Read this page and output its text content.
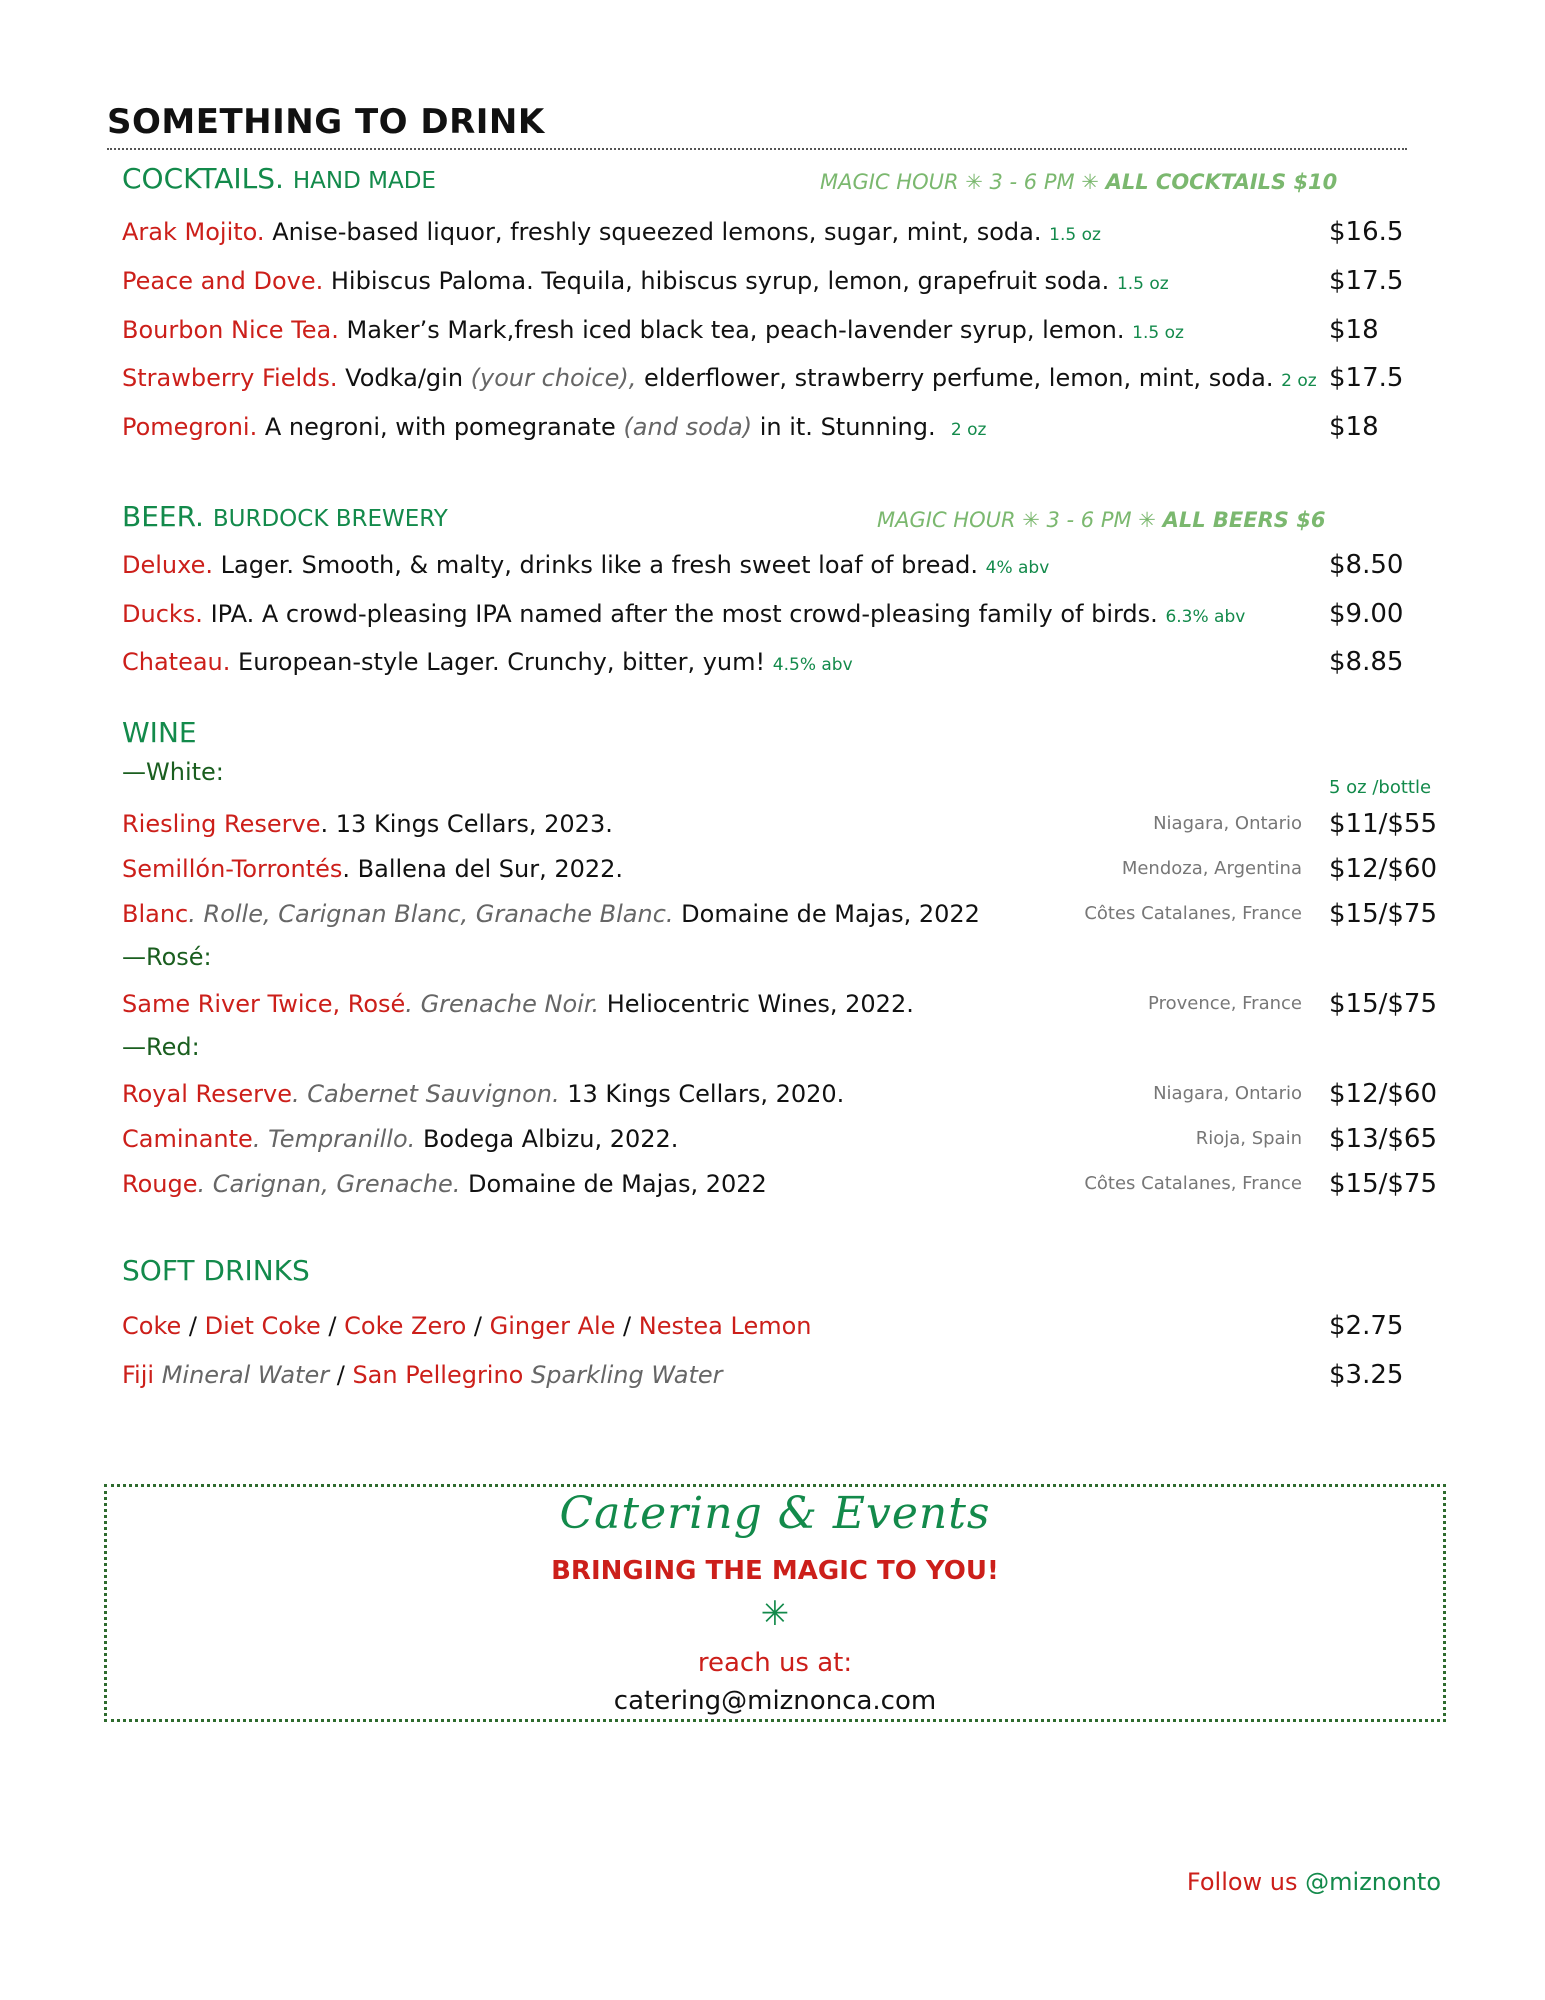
SOMETHING TO DRINK
COCKTAILS. HAND MADE	MAGIC HOUR ✳ 3 - 6 PM ✳ ALL COCKTAILS $10
Arak Mojito. Anise-based liquor, freshly squeezed lemons, sugar, mint, soda. 1.5 oz	$16.5
Peace and Dove. Hibiscus Paloma. Tequila, hibiscus syrup, lemon, grapefruit soda. 1.5 oz	$17.5
Bourbon Nice Tea. Maker’s Mark,fresh iced black tea, peach-lavender syrup, lemon. 1.5 oz	$18
Strawberry Fields. Vodka/gin (your choice), elderflower, strawberry perfume, lemon, mint, soda. 2 oz $17.5
Pomegroni. A negroni, with pomegranate (and soda) in it. Stunning. 2 oz	$18
BEER. BURDOCK BREWERY	MAGIC HOUR ✳ 3 - 6 PM ✳ ALL BEERS $6
Deluxe. Lager. Smooth, & malty, drinks like a fresh sweet loaf of bread. 4% abv	$8.50
Ducks. IPA. A crowd-pleasing IPA named after the most crowd-pleasing family of birds. 6.3% abv	$9.00
Chateau. European-style Lager. Crunchy, bitter, yum! 4.5% abv	$8.85
WINE
—White:
5 oz /bottle
Riesling Reserve. 13 Kings Cellars, 2023.	Niagara, Ontario $11/$55
Semillón-Torrontés. Ballena del Sur, 2022.	Mendoza, Argentina $12/$60
Blanc. Rolle, Carignan Blanc, Granache Blanc. Domaine de Majas, 2022	Côtes Catalanes, France $15/$75
—Rosé:
Same River Twice, Rosé. Grenache Noir. Heliocentric Wines, 2022.	Provence, France $15/$75
—Red:
Royal Reserve. Cabernet Sauvignon. 13 Kings Cellars, 2020.	Niagara, Ontario $12/$60
Caminante. Tempranillo. Bodega Albizu, 2022.	Rioja, Spain $13/$65
Rouge. Carignan, Grenache. Domaine de Majas, 2022	Côtes Catalanes, France $15/$75
SOFT DRINKS
Coke / Diet Coke / Coke Zero / Ginger Ale / Nestea Lemon	$2.75
Fiji Mineral Water / San Pellegrino Sparkling Water	$3.25
Catering & Events
BRINGING THE MAGIC TO YOU!
✳
reach us at:
catering@miznonca.com
Follow us @miznonto
